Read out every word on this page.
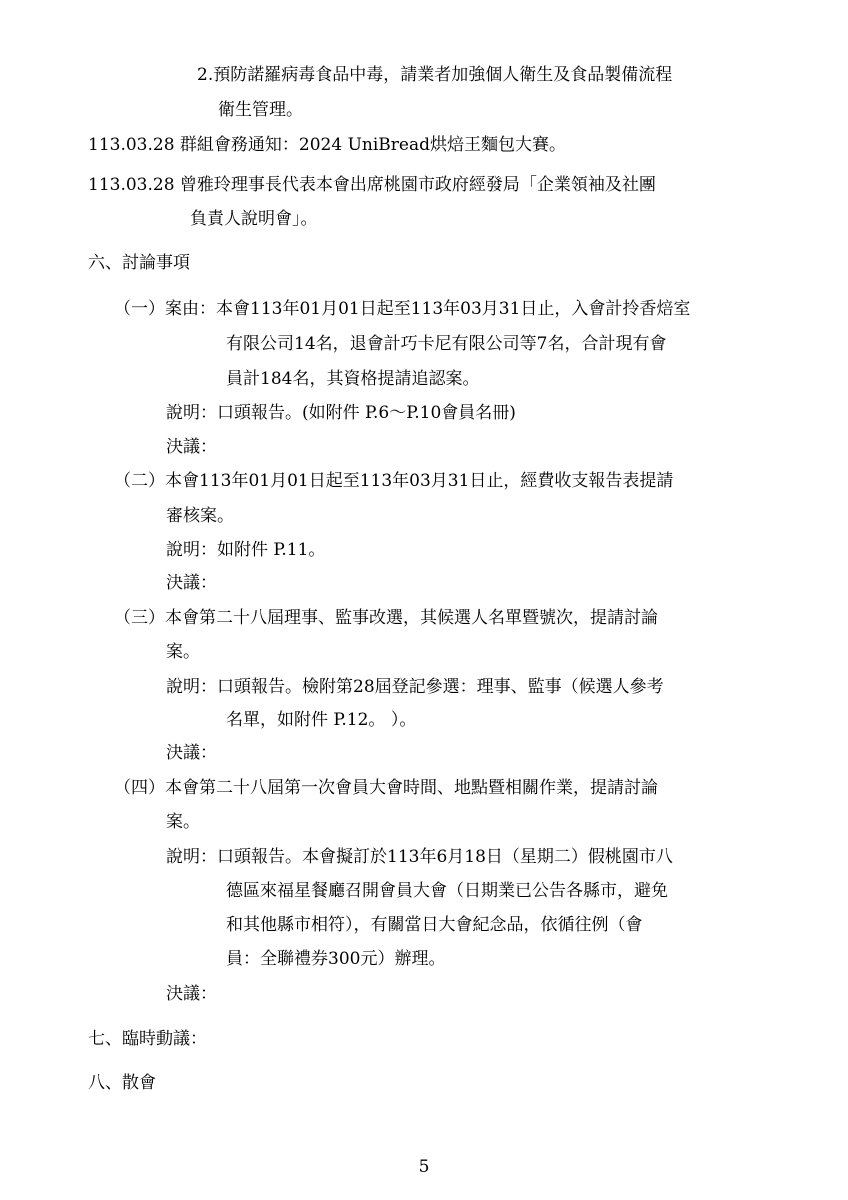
2.預防諾羅病毒食品中毒，請業者加強個人衛生及食品製備流程
衛生管理。
113.03.28 群組會務通知：2024 UniBread烘焙王麵包大賽。
113.03.28 曾雅玲理事長代表本會出席桃園市政府經發局「企業領袖及社團
負責人說明會」。
六、討論事項
（一）案由：本會113年01月01日起至113年03月31日止，入會計拎香焙室
有限公司14名，退會計巧卡尼有限公司等7名，合計現有會
員計184名，其資格提請追認案。
說明：口頭報告。(如附件 P.6～P.10會員名冊)
決議：
（二）本會113年01月01日起至113年03月31日止，經費收支報告表提請
審核案。
說明：如附件 P.11。
決議：
（三）本會第二十八屆理事、監事改選，其候選人名單暨號次，提請討論
案。
說明：口頭報告。檢附第28屆登記參選：理事、監事（候選人參考
名單，如附件 P.12。 ）。
決議：
（四）本會第二十八屆第一次會員大會時間、地點暨相關作業，提請討論
案。
說明：口頭報告。本會擬訂於113年6月18日（星期二）假桃園市八
德區來福星餐廳召開會員大會（日期業已公告各縣市，避免
和其他縣市相符），有關當日大會紀念品，依循往例（會
員：全聯禮券300元）辦理。
決議：
七、臨時動議：
八、散會
5
